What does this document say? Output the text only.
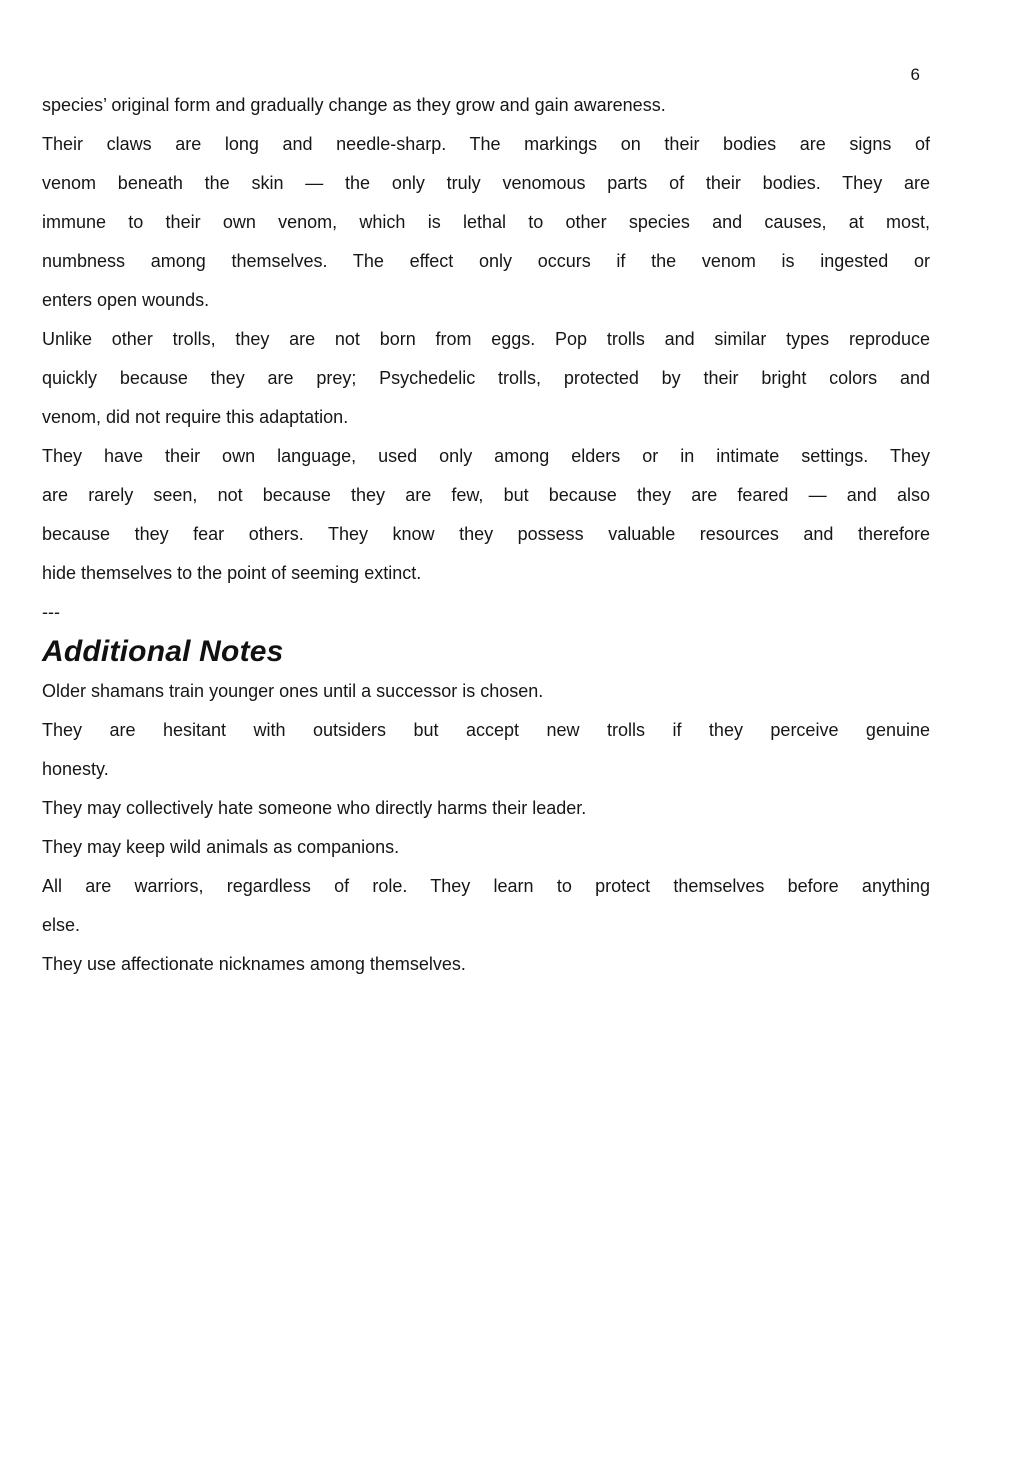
6

species’ original form and gradually change as they grow and gain awareness.

Their claws are long and needle-sharp. The markings on their bodies are signs of
venom beneath the skin — the only truly venomous parts of their bodies. They are
immune to their own venom, which is lethal to other species and causes, at most,
numbness among themselves. The effect only occurs if the venom is ingested or
enters open wounds.

Unlike other trolls, they are not born from eggs. Pop trolls and similar types reproduce
quickly because they are prey; Psychedelic trolls, protected by their bright colors and
venom, did not require this adaptation.

They have their own language, used only among elders or in intimate settings. They
are rarely seen, not because they are few, but because they are feared — and also
because they fear others. They know they possess valuable resources and therefore
hide themselves to the point of seeming extinct.

---

Additional Notes

Older shamans train younger ones until a successor is chosen.

They are hesitant with outsiders but accept new trolls if they perceive genuine
honesty.

They may collectively hate someone who directly harms their leader.

They may keep wild animals as companions.

All are warriors, regardless of role. They learn to protect themselves before anything
else.

They use affectionate nicknames among themselves.
